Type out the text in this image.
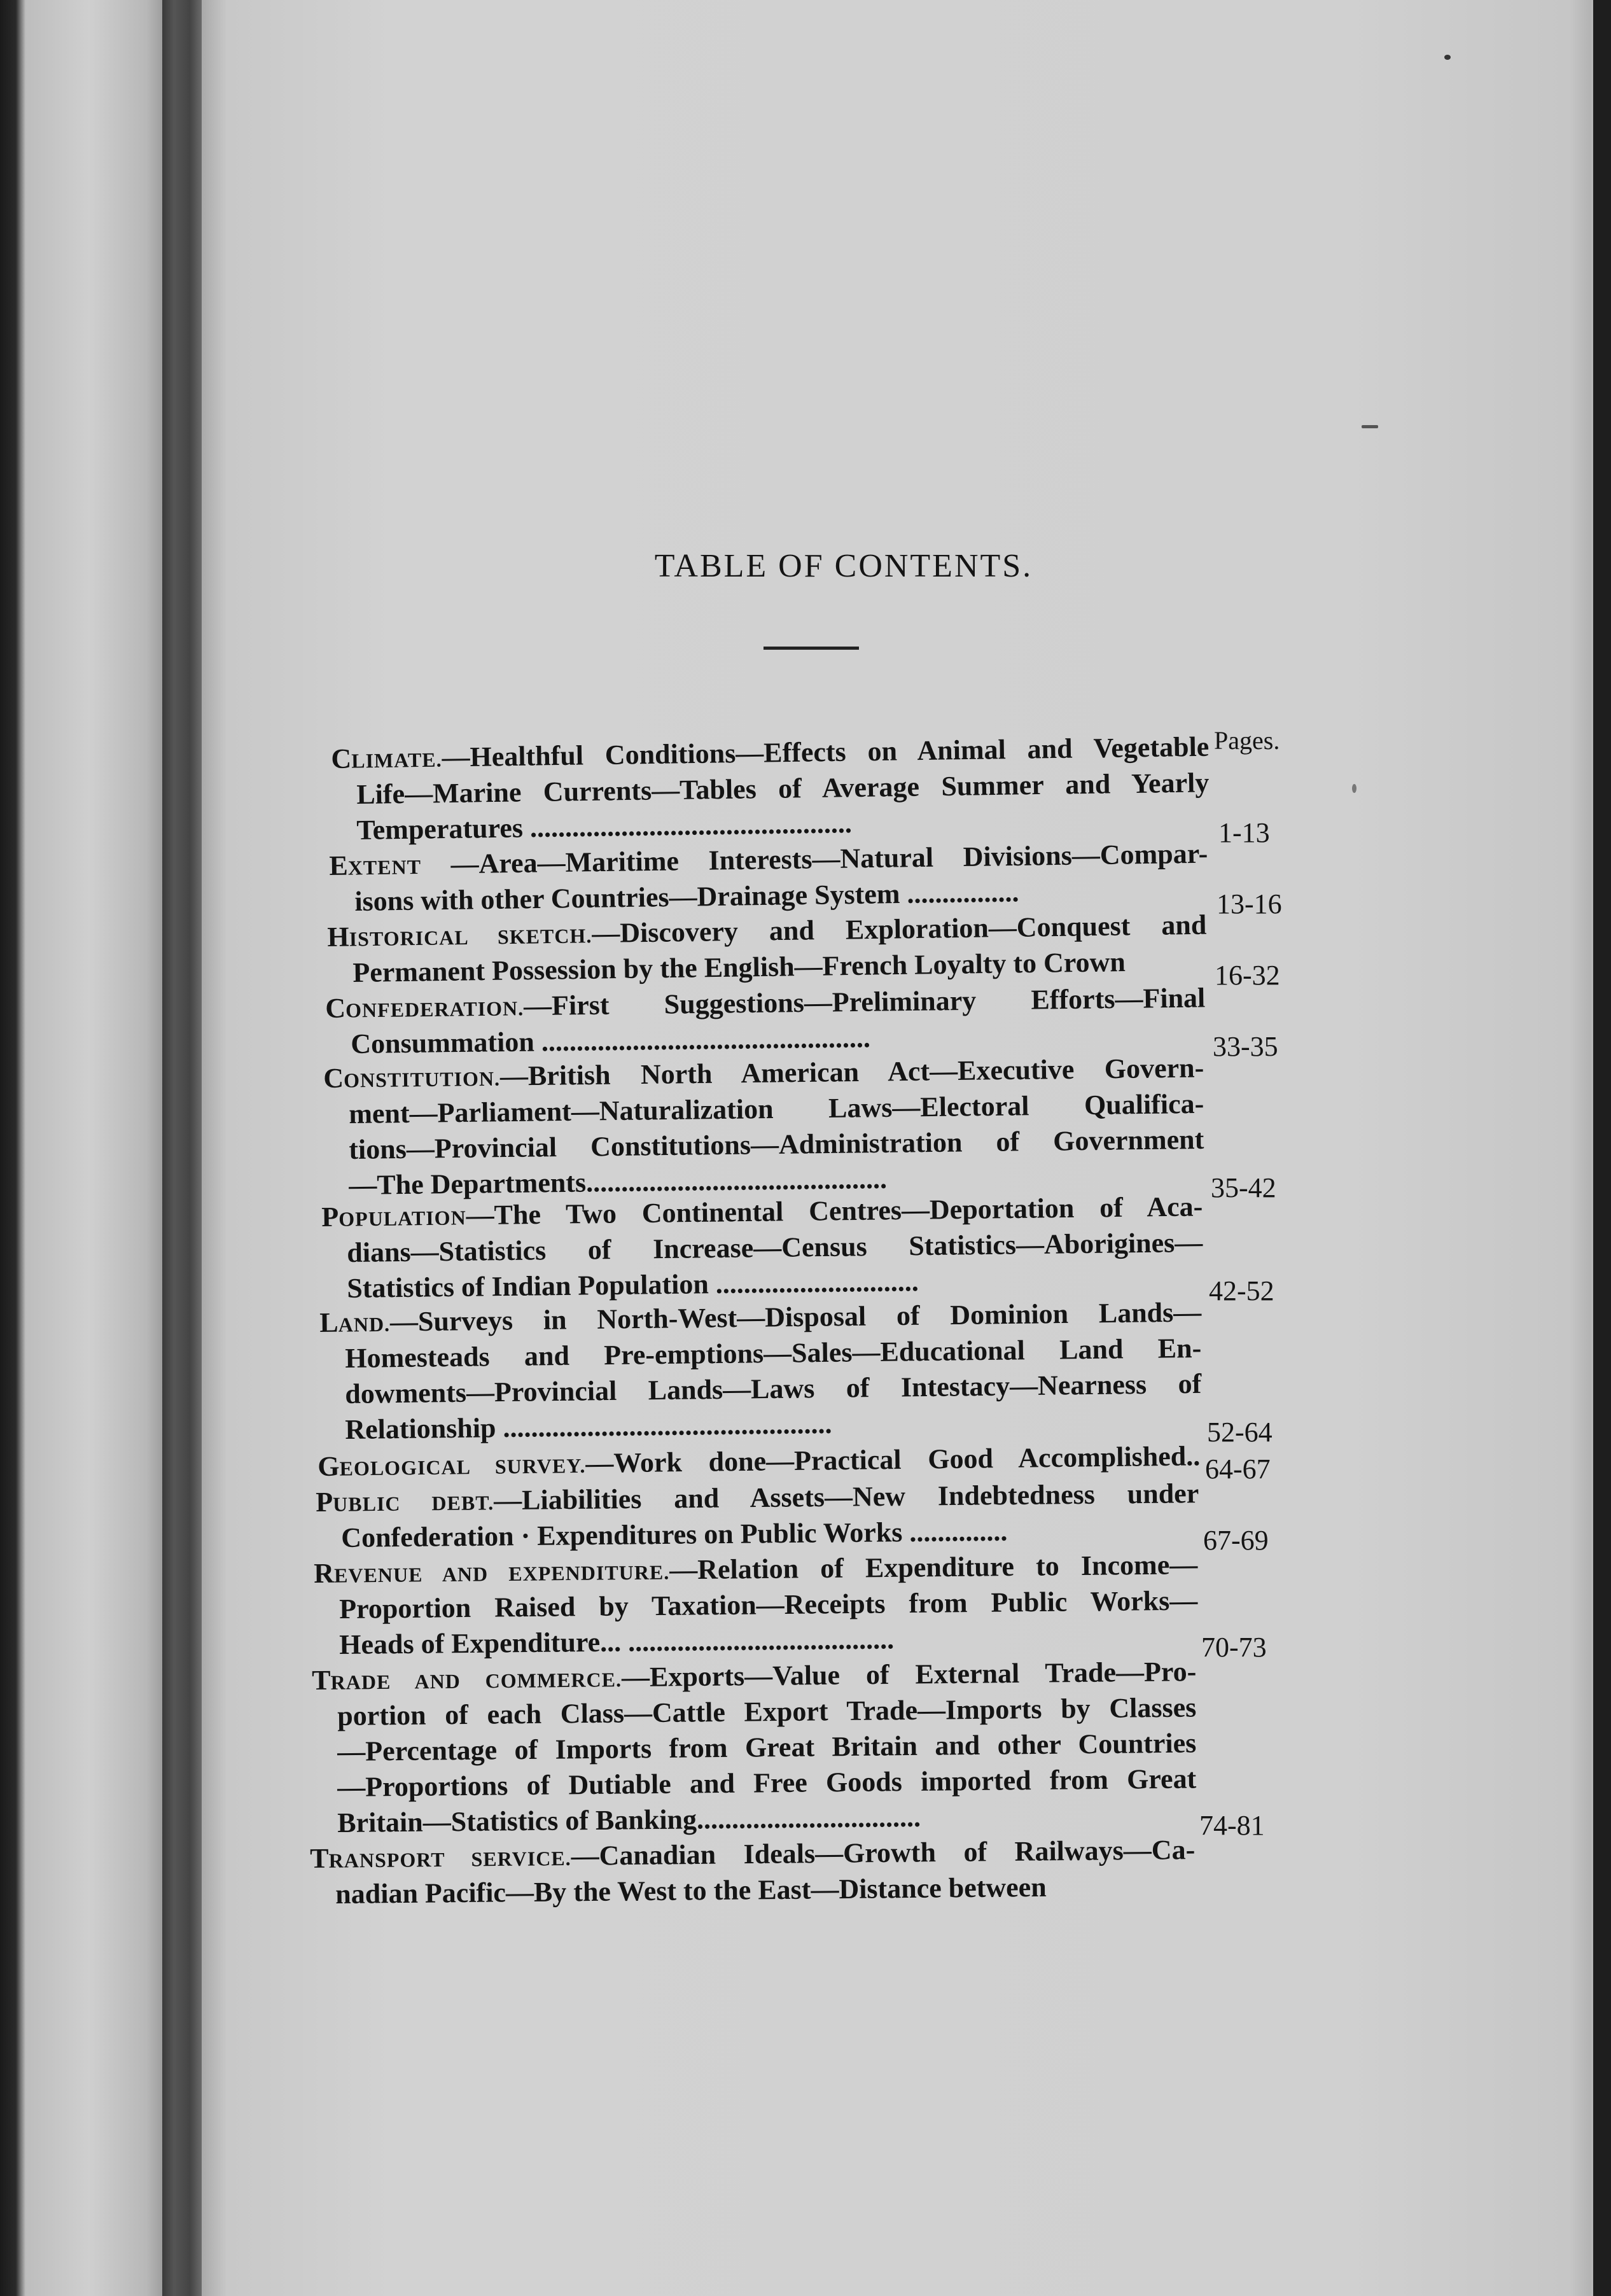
TABLE OF CONTENTS.
Pages.
CLIMATE.—Healthful Conditions—Effects on Animal and Vegetable
Life—Marine Currents—Tables of Average Summer and Yearly
Temperatures ..............................................	1-13
EXTENT —Area—Maritime Interests—Natural Divisions—Compar-
isons with other Countries—Drainage System ................	13-16
HISTORICAL SKETCH.—Discovery and Exploration—Conquest and
Permanent Possession by the English—French Loyalty to Crown	16-32
CONFEDERATION.—First Suggestions—Preliminary Efforts—Final
Consummation ...............................................	33-35
CONSTITUTION.—British North American Act—Executive Govern-
ment—Parliament—Naturalization Laws—Electoral Qualifica-
tions—Provincial Constitutions—Administration of Government
—The Departments...........................................	35-42
POPULATION—The Two Continental Centres—Deportation of Aca-
dians—Statistics of Increase—Census Statistics—Aborigines—
Statistics of Indian Population .............................	42-52
LAND.—Surveys in North-West—Disposal of Dominion Lands—
Homesteads and Pre-emptions—Sales—Educational Land En-
dowments—Provincial Lands—Laws of Intestacy—Nearness of
Relationship ...............................................	52-64
GEOLOGICAL SURVEY.—Work done—Practical Good Accomplished.. 64-67
PUBLIC DEBT.—Liabilities and Assets—New Indebtedness under
Confederation · Expenditures on Public Works ..............	67-69
REVENUE AND EXPENDITURE.—Relation of Expenditure to Income—
Proportion Raised by Taxation—Receipts from Public Works—
Heads of Expenditure... ......................................	70-73
TRADE AND COMMERCE.—Exports—Value of External Trade—Pro-
portion of each Class—Cattle Export Trade—Imports by Classes
—Percentage of Imports from Great Britain and other Countries
—Proportions of Dutiable and Free Goods imported from Great
Britain—Statistics of Banking................................	74-81
TRANSPORT SERVICE.—Canadian Ideals—Growth of Railways—Ca-
nadian Pacific—By the West to the East—Distance between
